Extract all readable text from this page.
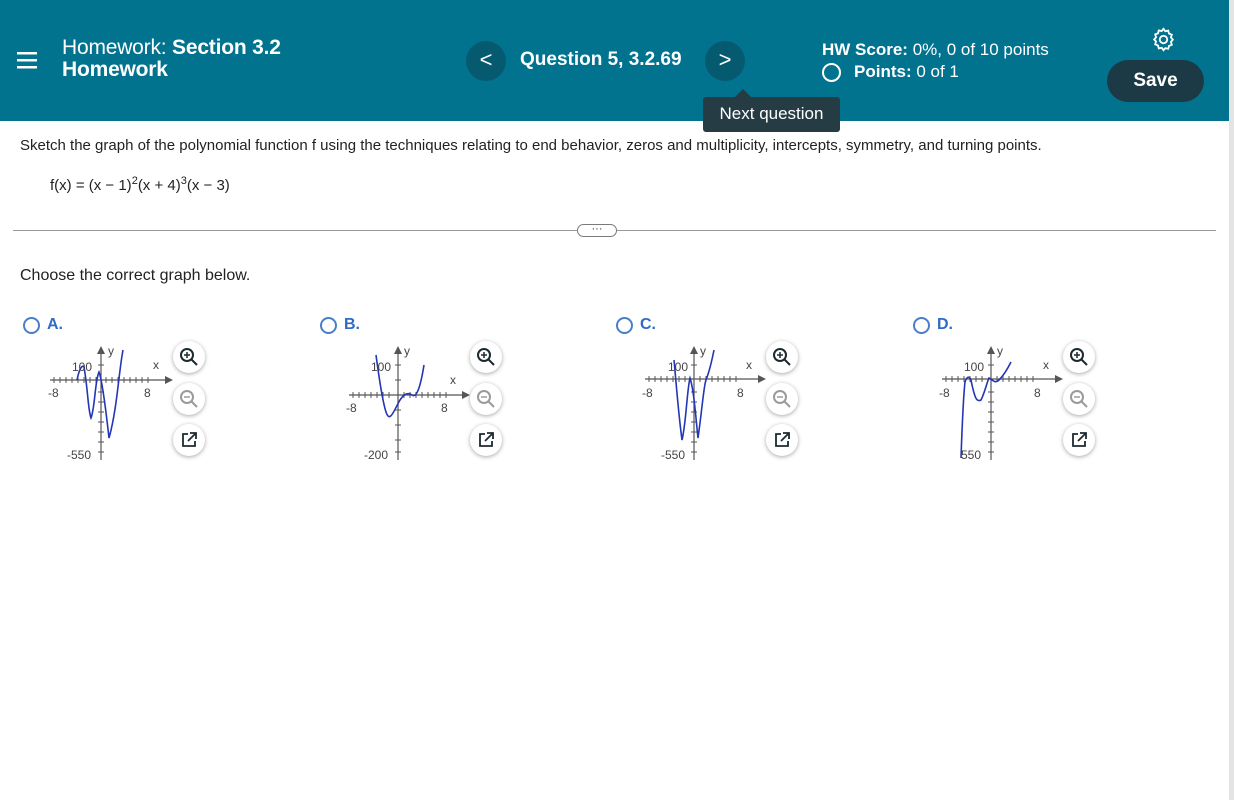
Homework: Section 3.2
Homework	<	Question 5, 3.2.69	>	HW Score: 0%, 0 of 10 points
Points:
0 of 1	Save
Next question
Sketch the graph of the polynomial function f using the techniques relating to end behavior, zeros and multiplicity, intercepts, symmetry, and turning points.
$f(x) = (x - 1)^2(x + 4)^3(x - 3)$
···
Choose the correct graph below.
A.
100
-550
-8	8
x
y
B.
100
-200
-8	8
x
y
C.
100
-550
-8	8
x
y
D.
100
550
-8	8
x
y
